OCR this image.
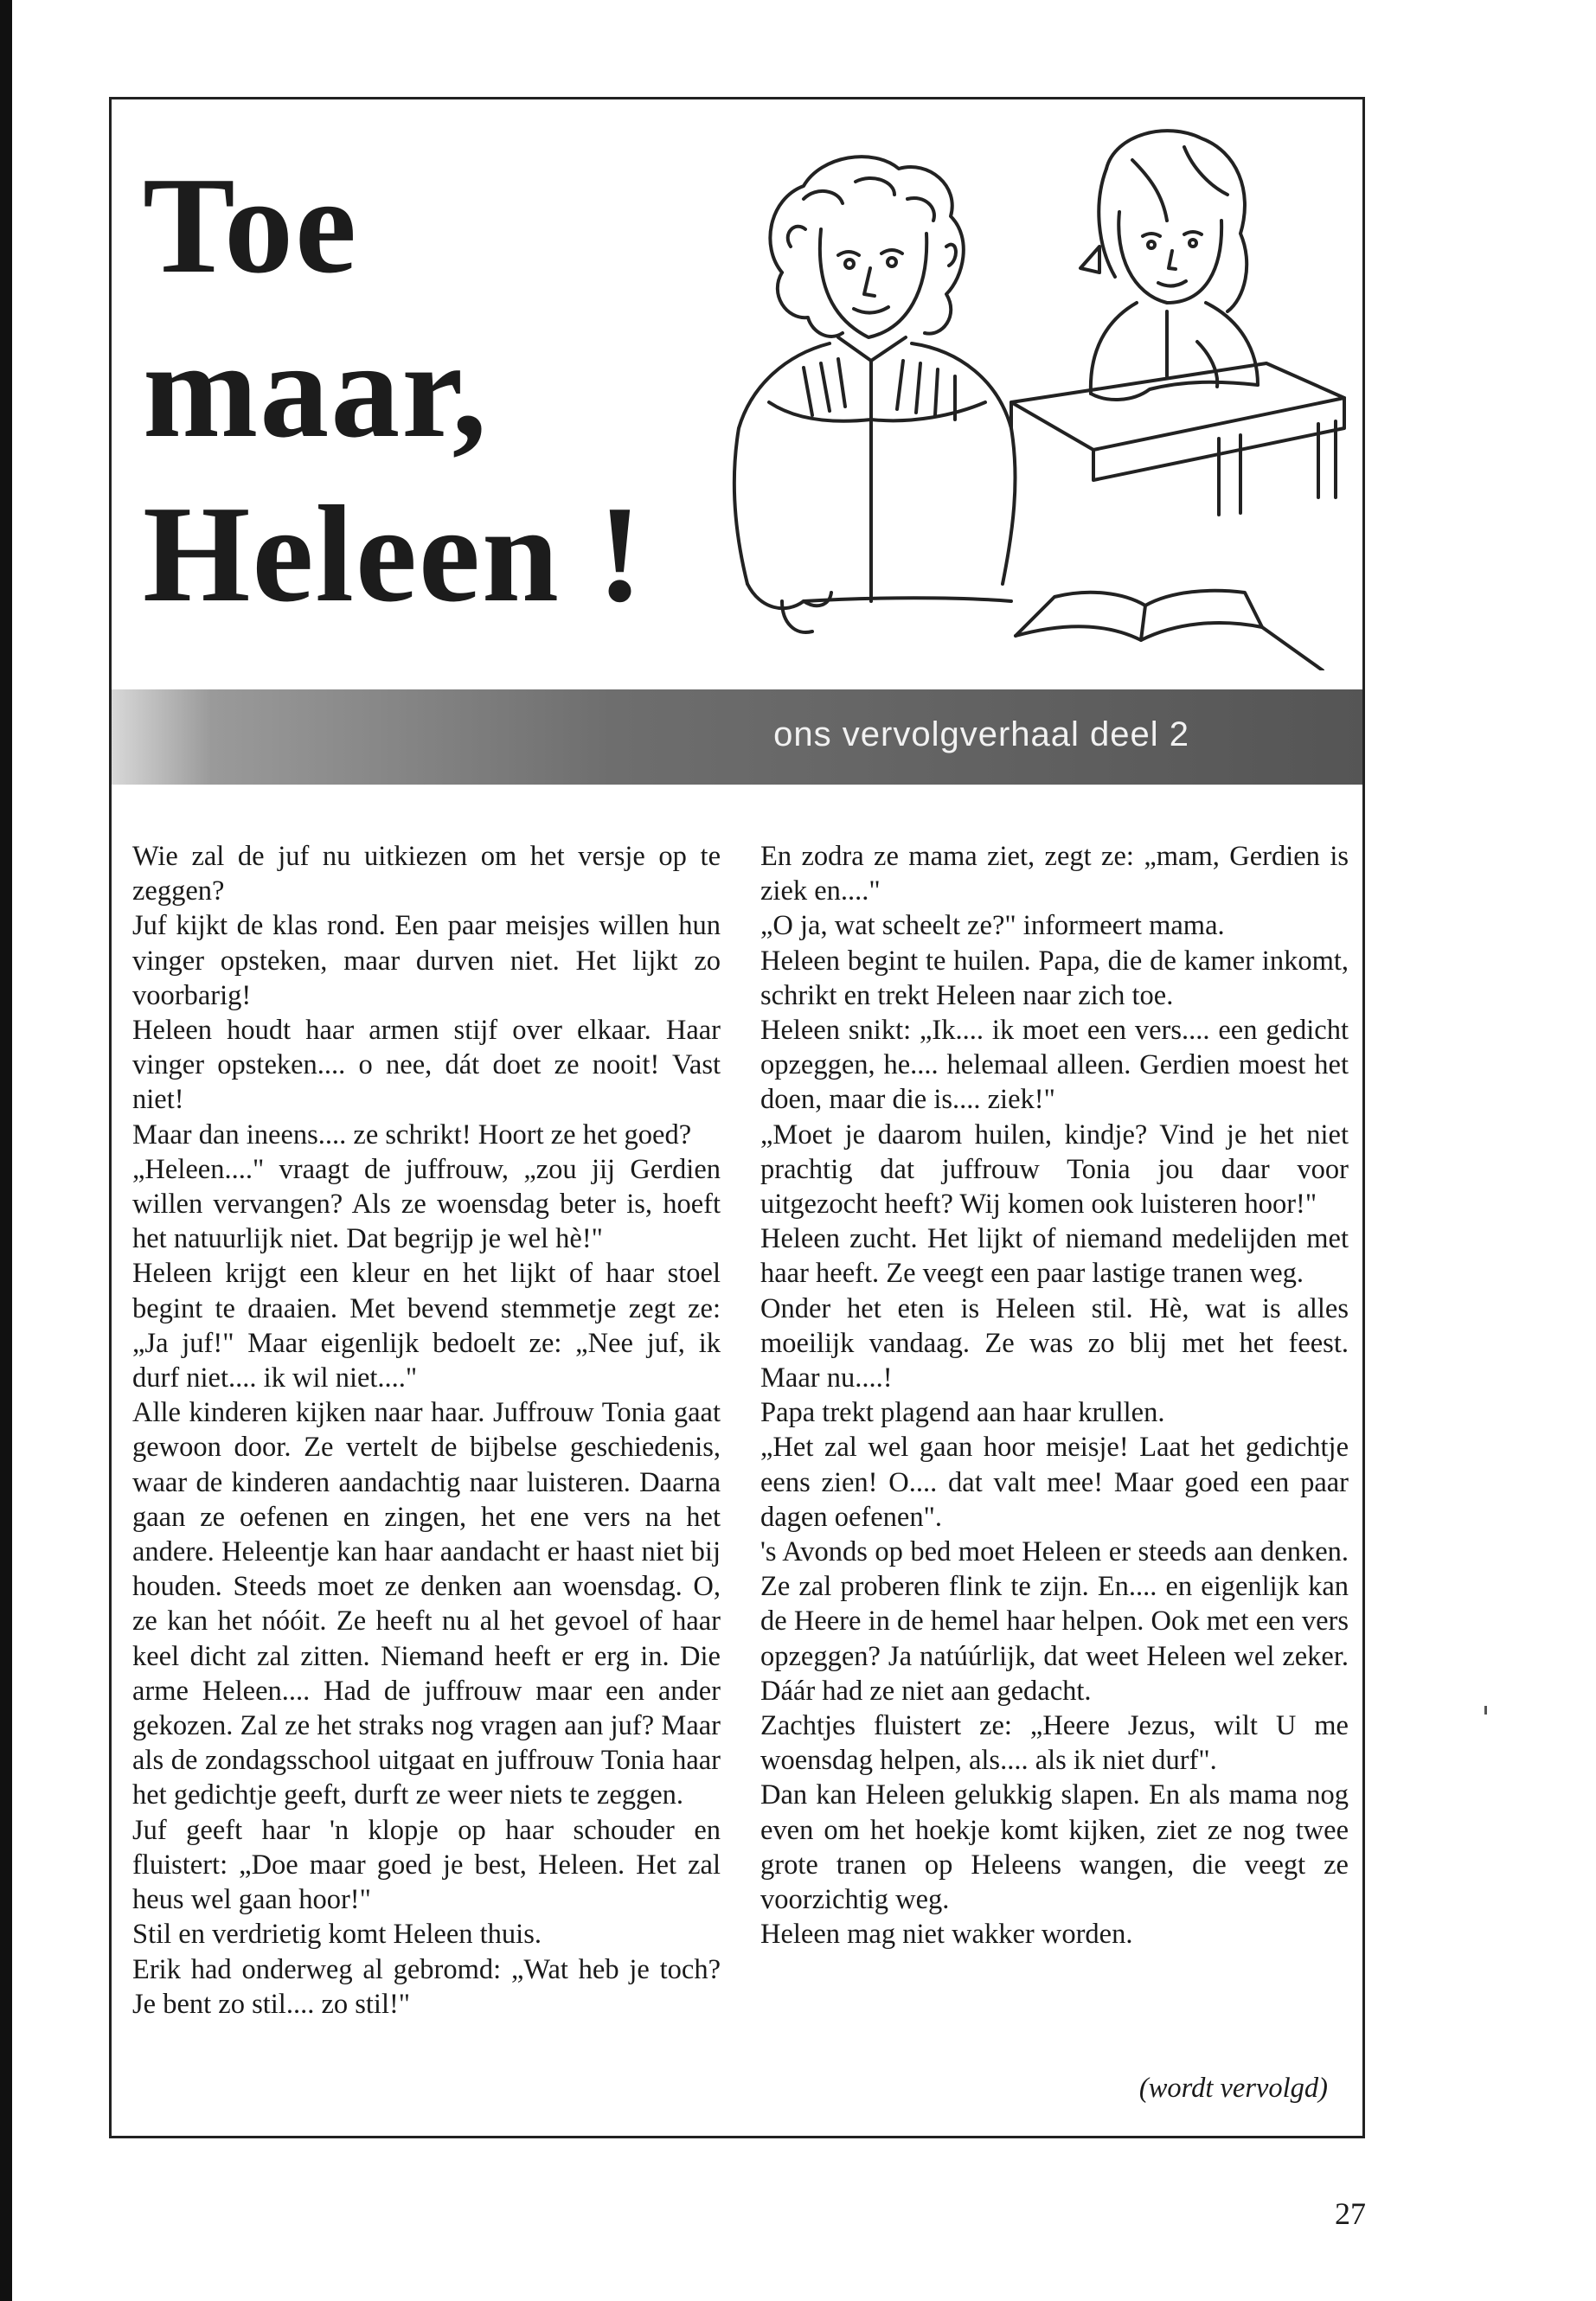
Toe
maar,
Heleen !
ons vervolgverhaal deel 2

Wie zal de juf nu uitkiezen om het versje op te zeggen?

Juf kijkt de klas rond. Een paar meisjes willen hun vinger opsteken, maar durven niet. Het lijkt zo voorbarig!

Heleen houdt haar armen stijf over elkaar. Haar vinger opsteken.... o nee, dát doet ze nooit! Vast niet!

Maar dan ineens.... ze schrikt! Hoort ze het goed?

„Heleen...." vraagt de juffrouw, „zou jij Gerdien willen vervangen? Als ze woensdag beter is, hoeft het natuurlijk niet. Dat begrijp je wel hè!"

Heleen krijgt een kleur en het lijkt of haar stoel begint te draaien. Met bevend stemmetje zegt ze: „Ja juf!" Maar eigenlijk bedoelt ze: „Nee juf, ik durf niet.... ik wil niet...."

Alle kinderen kijken naar haar. Juffrouw Tonia gaat gewoon door. Ze vertelt de bijbelse geschiedenis, waar de kinderen aandachtig naar luisteren. Daarna gaan ze oefenen en zingen, het ene vers na het andere. Heleentje kan haar aandacht er haast niet bij houden. Steeds moet ze denken aan woensdag. O, ze kan het nóóit. Ze heeft nu al het gevoel of haar keel dicht zal zitten. Niemand heeft er erg in. Die arme Heleen.... Had de juffrouw maar een ander gekozen. Zal ze het straks nog vragen aan juf? Maar als de zondagsschool uitgaat en juffrouw Tonia haar het gedichtje geeft, durft ze weer niets te zeggen.

Juf geeft haar 'n klopje op haar schouder en fluistert: „Doe maar goed je best, Heleen. Het zal heus wel gaan hoor!"

Stil en verdrietig komt Heleen thuis.

Erik had onderweg al gebromd: „Wat heb je toch? Je bent zo stil.... zo stil!"

En zodra ze mama ziet, zegt ze: „mam, Gerdien is ziek en...."

„O ja, wat scheelt ze?" informeert mama.

Heleen begint te huilen. Papa, die de kamer inkomt, schrikt en trekt Heleen naar zich toe.

Heleen snikt: „Ik.... ik moet een vers.... een gedicht opzeggen, he.... helemaal alleen. Gerdien moest het doen, maar die is.... ziek!"

„Moet je daarom huilen, kindje? Vind je het niet prachtig dat juffrouw Tonia jou daar voor uitgezocht heeft? Wij komen ook luisteren hoor!"

Heleen zucht. Het lijkt of niemand medelijden met haar heeft. Ze veegt een paar lastige tranen weg.

Onder het eten is Heleen stil. Hè, wat is alles moeilijk vandaag. Ze was zo blij met het feest. Maar nu....!

Papa trekt plagend aan haar krullen.

„Het zal wel gaan hoor meisje! Laat het gedichtje eens zien! O.... dat valt mee! Maar goed een paar dagen oefenen".

's Avonds op bed moet Heleen er steeds aan denken. Ze zal proberen flink te zijn. En.... en eigenlijk kan de Heere in de hemel haar helpen. Ook met een vers opzeggen? Ja natúúrlijk, dat weet Heleen wel zeker. Dáár had ze niet aan gedacht.

Zachtjes fluistert ze: „Heere Jezus, wilt U me woensdag helpen, als.... als ik niet durf".

Dan kan Heleen gelukkig slapen. En als mama nog even om het hoekje komt kijken, ziet ze nog twee grote tranen op Heleens wangen, die veegt ze voorzichtig weg.

Heleen mag niet wakker worden.

(wordt vervolgd)
27
